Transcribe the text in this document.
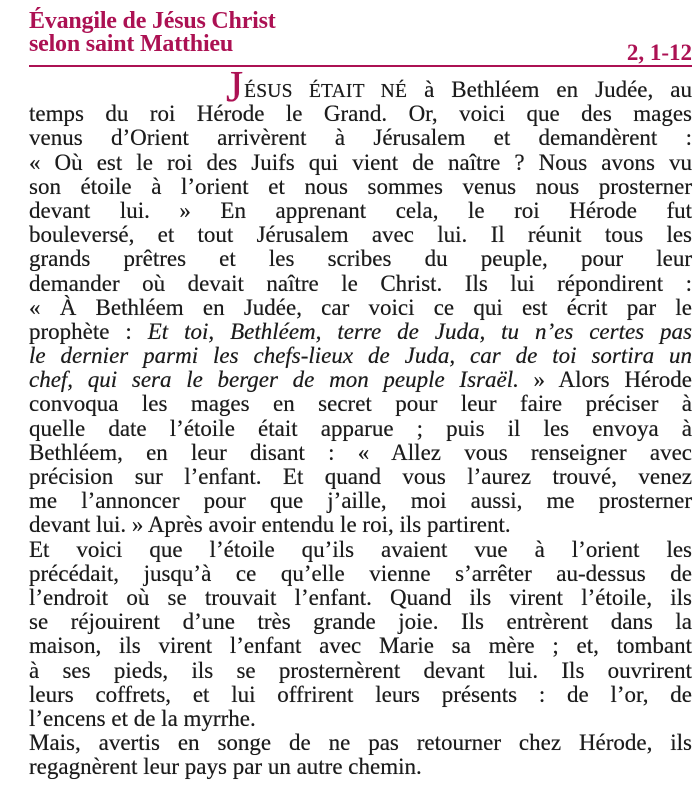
Évangile de Jésus Christ
selon saint Matthieu	2, 1-12
JÉSUS ÉTAIT NÉ à Bethléem en Judée, au
temps du roi Hérode le Grand. Or, voici que des mages
venus d’Orient arrivèrent à Jérusalem et demandèrent :
« Où est le roi des Juifs qui vient de naître ? Nous avons vu
son étoile à l’orient et nous sommes venus nous prosterner
devant lui. » En apprenant cela, le roi Hérode fut
bouleversé, et tout Jérusalem avec lui. Il réunit tous les
grands prêtres et les scribes du peuple, pour leur
demander où devait naître le Christ. Ils lui répondirent :
« À Bethléem en Judée, car voici ce qui est écrit par le
prophète : Et toi, Bethléem, terre de Juda, tu n’es certes pas
le dernier parmi les chefs-lieux de Juda, car de toi sortira un
chef, qui sera le berger de mon peuple Israël. » Alors Hérode
convoqua les mages en secret pour leur faire préciser à
quelle date l’étoile était apparue ; puis il les envoya à
Bethléem, en leur disant : « Allez vous renseigner avec
précision sur l’enfant. Et quand vous l’aurez trouvé, venez
me l’annoncer pour que j’aille, moi aussi, me prosterner
devant lui. » Après avoir entendu le roi, ils partirent.
Et voici que l’étoile qu’ils avaient vue à l’orient les
précédait, jusqu’à ce qu’elle vienne s’arrêter au-dessus de
l’endroit où se trouvait l’enfant. Quand ils virent l’étoile, ils
se réjouirent d’une très grande joie. Ils entrèrent dans la
maison, ils virent l’enfant avec Marie sa mère ; et, tombant
à ses pieds, ils se prosternèrent devant lui. Ils ouvrirent
leurs coffrets, et lui offrirent leurs présents : de l’or, de
l’encens et de la myrrhe.
Mais, avertis en songe de ne pas retourner chez Hérode, ils
regagnèrent leur pays par un autre chemin.
